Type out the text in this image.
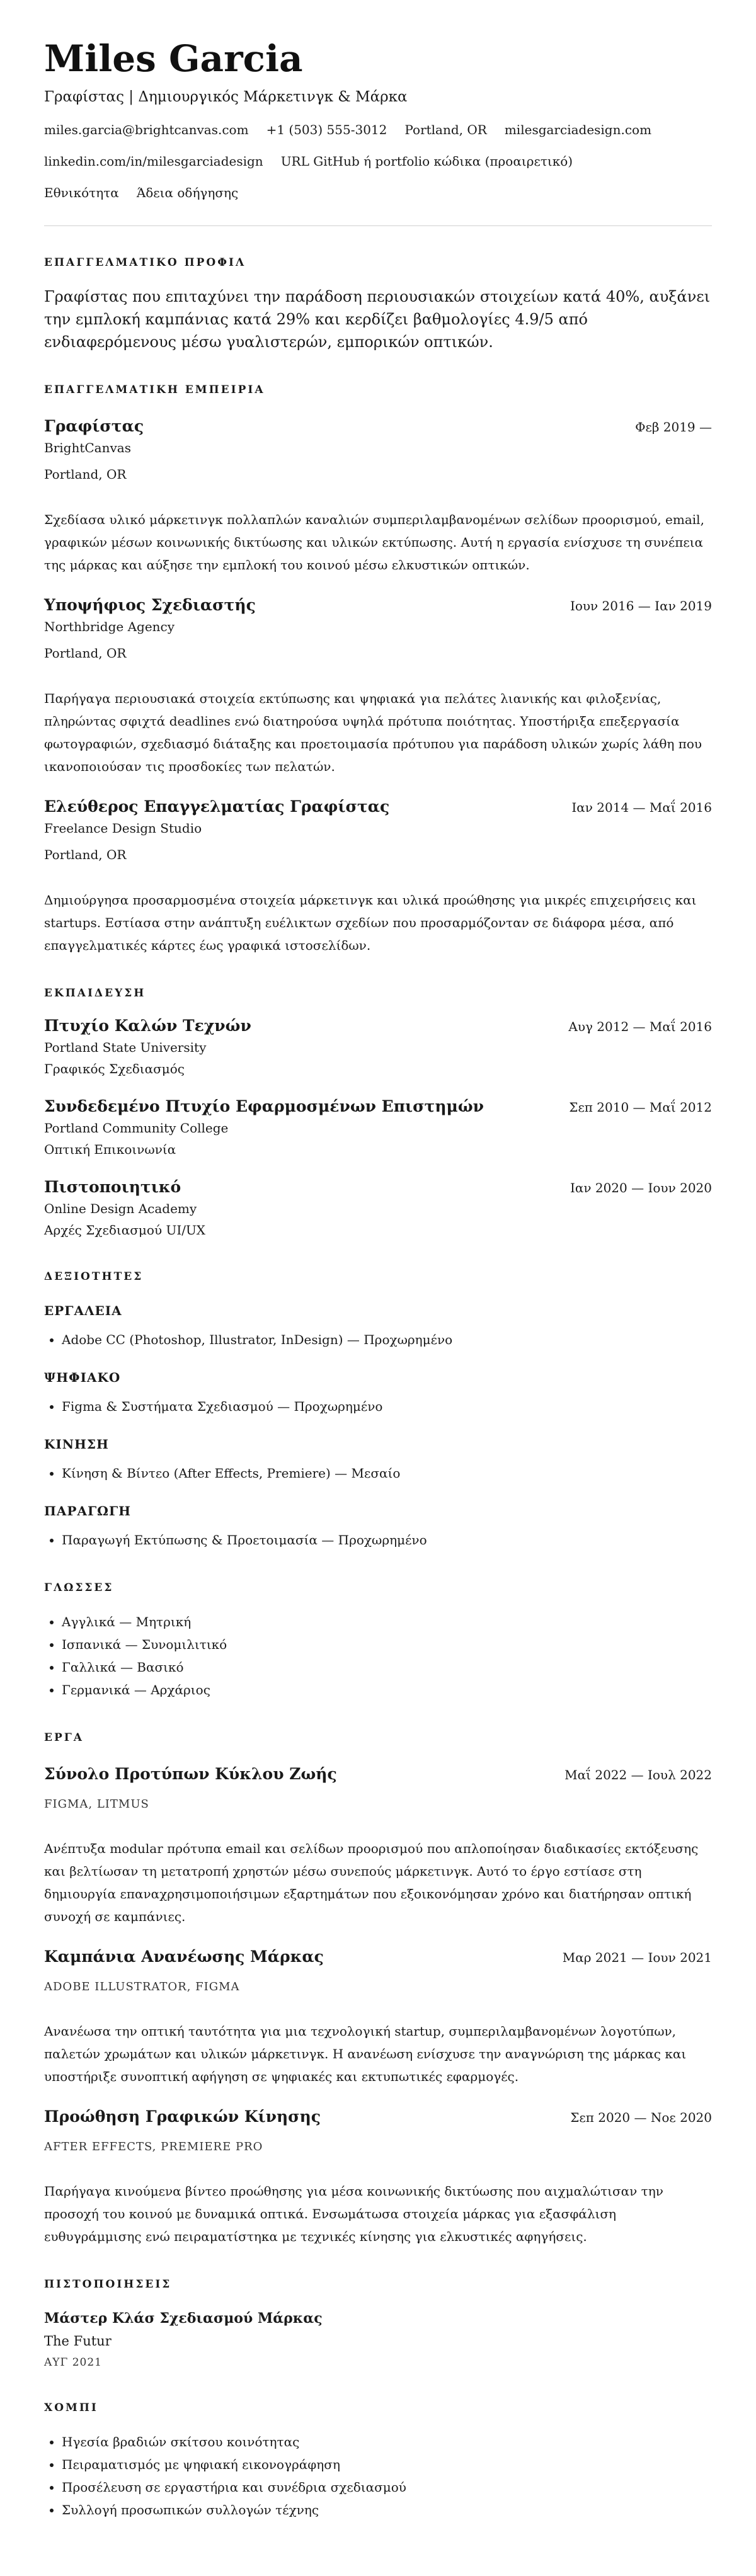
Miles Garcia
Γραφίστας | Δημιουργικός Μάρκετινγκ & Μάρκα
miles.garcia@brightcanvas.com +1 (503) 555-3012 Portland, OR milesgarciadesign.com
linkedin.com/in/milesgarciadesign URL GitHub ή portfolio κώδικα (προαιρετικό)
Εθνικότητα Άδεια οδήγησης
ΕΠΑΓΓΕΛΜΑΤΙΚΟ ΠΡΟΦΙΛ
Γραφίστας που επιταχύνει την παράδοση περιουσιακών στοιχείων κατά 40%, αυξάνει την εμπλοκή καμπάνιας κατά 29% και κερδίζει βαθμολογίες 4.9/5 από ενδιαφερόμενους μέσω γυαλιστερών, εμπορικών οπτικών.
ΕΠΑΓΓΕΛΜΑΤΙΚΗ ΕΜΠΕΙΡΙΑ
Γραφίστας	Φεβ 2019 —
BrightCanvas
Portland, OR
Σχεδίασα υλικό μάρκετινγκ πολλαπλών καναλιών συμπεριλαμβανομένων σελίδων προορισμού, email, γραφικών μέσων κοινωνικής δικτύωσης και υλικών εκτύπωσης. Αυτή η εργασία ενίσχυσε τη συνέπεια της μάρκας και αύξησε την εμπλοκή του κοινού μέσω ελκυστικών οπτικών.
Υποψήφιος Σχεδιαστής	Ιουν 2016 — Ιαν 2019
Northbridge Agency
Portland, OR
Παρήγαγα περιουσιακά στοιχεία εκτύπωσης και ψηφιακά για πελάτες λιανικής και φιλοξενίας, πληρώντας σφιχτά deadlines ενώ διατηρούσα υψηλά πρότυπα ποιότητας. Υποστήριξα επεξεργασία φωτογραφιών, σχεδιασμό διάταξης και προετοιμασία πρότυπου για παράδοση υλικών χωρίς λάθη που ικανοποιούσαν τις προσδοκίες των πελατών.
Ελεύθερος Επαγγελματίας Γραφίστας	Ιαν 2014 — Μαΐ 2016
Freelance Design Studio
Portland, OR
Δημιούργησα προσαρμοσμένα στοιχεία μάρκετινγκ και υλικά προώθησης για μικρές επιχειρήσεις και startups. Εστίασα στην ανάπτυξη ευέλικτων σχεδίων που προσαρμόζονταν σε διάφορα μέσα, από επαγγελματικές κάρτες έως γραφικά ιστοσελίδων.
ΕΚΠΑΙΔΕΥΣΗ
Πτυχίο Καλών Τεχνών	Αυγ 2012 — Μαΐ 2016
Portland State University
Γραφικός Σχεδιασμός
Συνδεδεμένο Πτυχίο Εφαρμοσμένων Επιστημών	Σεπ 2010 — Μαΐ 2012
Portland Community College
Οπτική Επικοινωνία
Πιστοποιητικό	Ιαν 2020 — Ιουν 2020
Online Design Academy
Αρχές Σχεδιασμού UI/UX
ΔΕΞΙΟΤΗΤΕΣ
ΕΡΓΑΛΕΙΑ
• Adobe CC (Photoshop, Illustrator, InDesign) — Προχωρημένο
ΨΗΦΙΑΚΟ
• Figma & Συστήματα Σχεδιασμού — Προχωρημένο
ΚΙΝΗΣΗ
• Κίνηση & Βίντεο (After Effects, Premiere) — Μεσαίο
ΠΑΡΑΓΩΓΗ
• Παραγωγή Εκτύπωσης & Προετοιμασία — Προχωρημένο
ΓΛΩΣΣΕΣ
• Αγγλικά — Μητρική
• Ισπανικά — Συνομιλιτικό
• Γαλλικά — Βασικό
• Γερμανικά — Αρχάριος
ΕΡΓΑ
Σύνολο Προτύπων Κύκλου Ζωής	Μαΐ 2022 — Ιουλ 2022
FIGMA, LITMUS
Ανέπτυξα modular πρότυπα email και σελίδων προορισμού που απλοποίησαν διαδικασίες εκτόξευσης και βελτίωσαν τη μετατροπή χρηστών μέσω συνεπούς μάρκετινγκ. Αυτό το έργο εστίασε στη δημιουργία επαναχρησιμοποιήσιμων εξαρτημάτων που εξοικονόμησαν χρόνο και διατήρησαν οπτική συνοχή σε καμπάνιες.
Καμπάνια Ανανέωσης Μάρκας	Μαρ 2021 — Ιουν 2021
ADOBE ILLUSTRATOR, FIGMA
Ανανέωσα την οπτική ταυτότητα για μια τεχνολογική startup, συμπεριλαμβανομένων λογοτύπων, παλετών χρωμάτων και υλικών μάρκετινγκ. Η ανανέωση ενίσχυσε την αναγνώριση της μάρκας και υποστήριξε συνοπτική αφήγηση σε ψηφιακές και εκτυπωτικές εφαρμογές.
Προώθηση Γραφικών Κίνησης	Σεπ 2020 — Νοε 2020
AFTER EFFECTS, PREMIERE PRO
Παρήγαγα κινούμενα βίντεο προώθησης για μέσα κοινωνικής δικτύωσης που αιχμαλώτισαν την προσοχή του κοινού με δυναμικά οπτικά. Ενσωμάτωσα στοιχεία μάρκας για εξασφάλιση ευθυγράμμισης ενώ πειραματίστηκα με τεχνικές κίνησης για ελκυστικές αφηγήσεις.
ΠΙΣΤΟΠΟΙΗΣΕΙΣ
Μάστερ Κλάσ Σχεδιασμού Μάρκας
The Futur
ΑΥΓ 2021
ΧΟΜΠΙ
• Ηγεσία βραδιών σκίτσου κοινότητας
• Πειραματισμός με ψηφιακή εικονογράφηση
• Προσέλευση σε εργαστήρια και συνέδρια σχεδιασμού
• Συλλογή προσωπικών συλλογών τέχνης
